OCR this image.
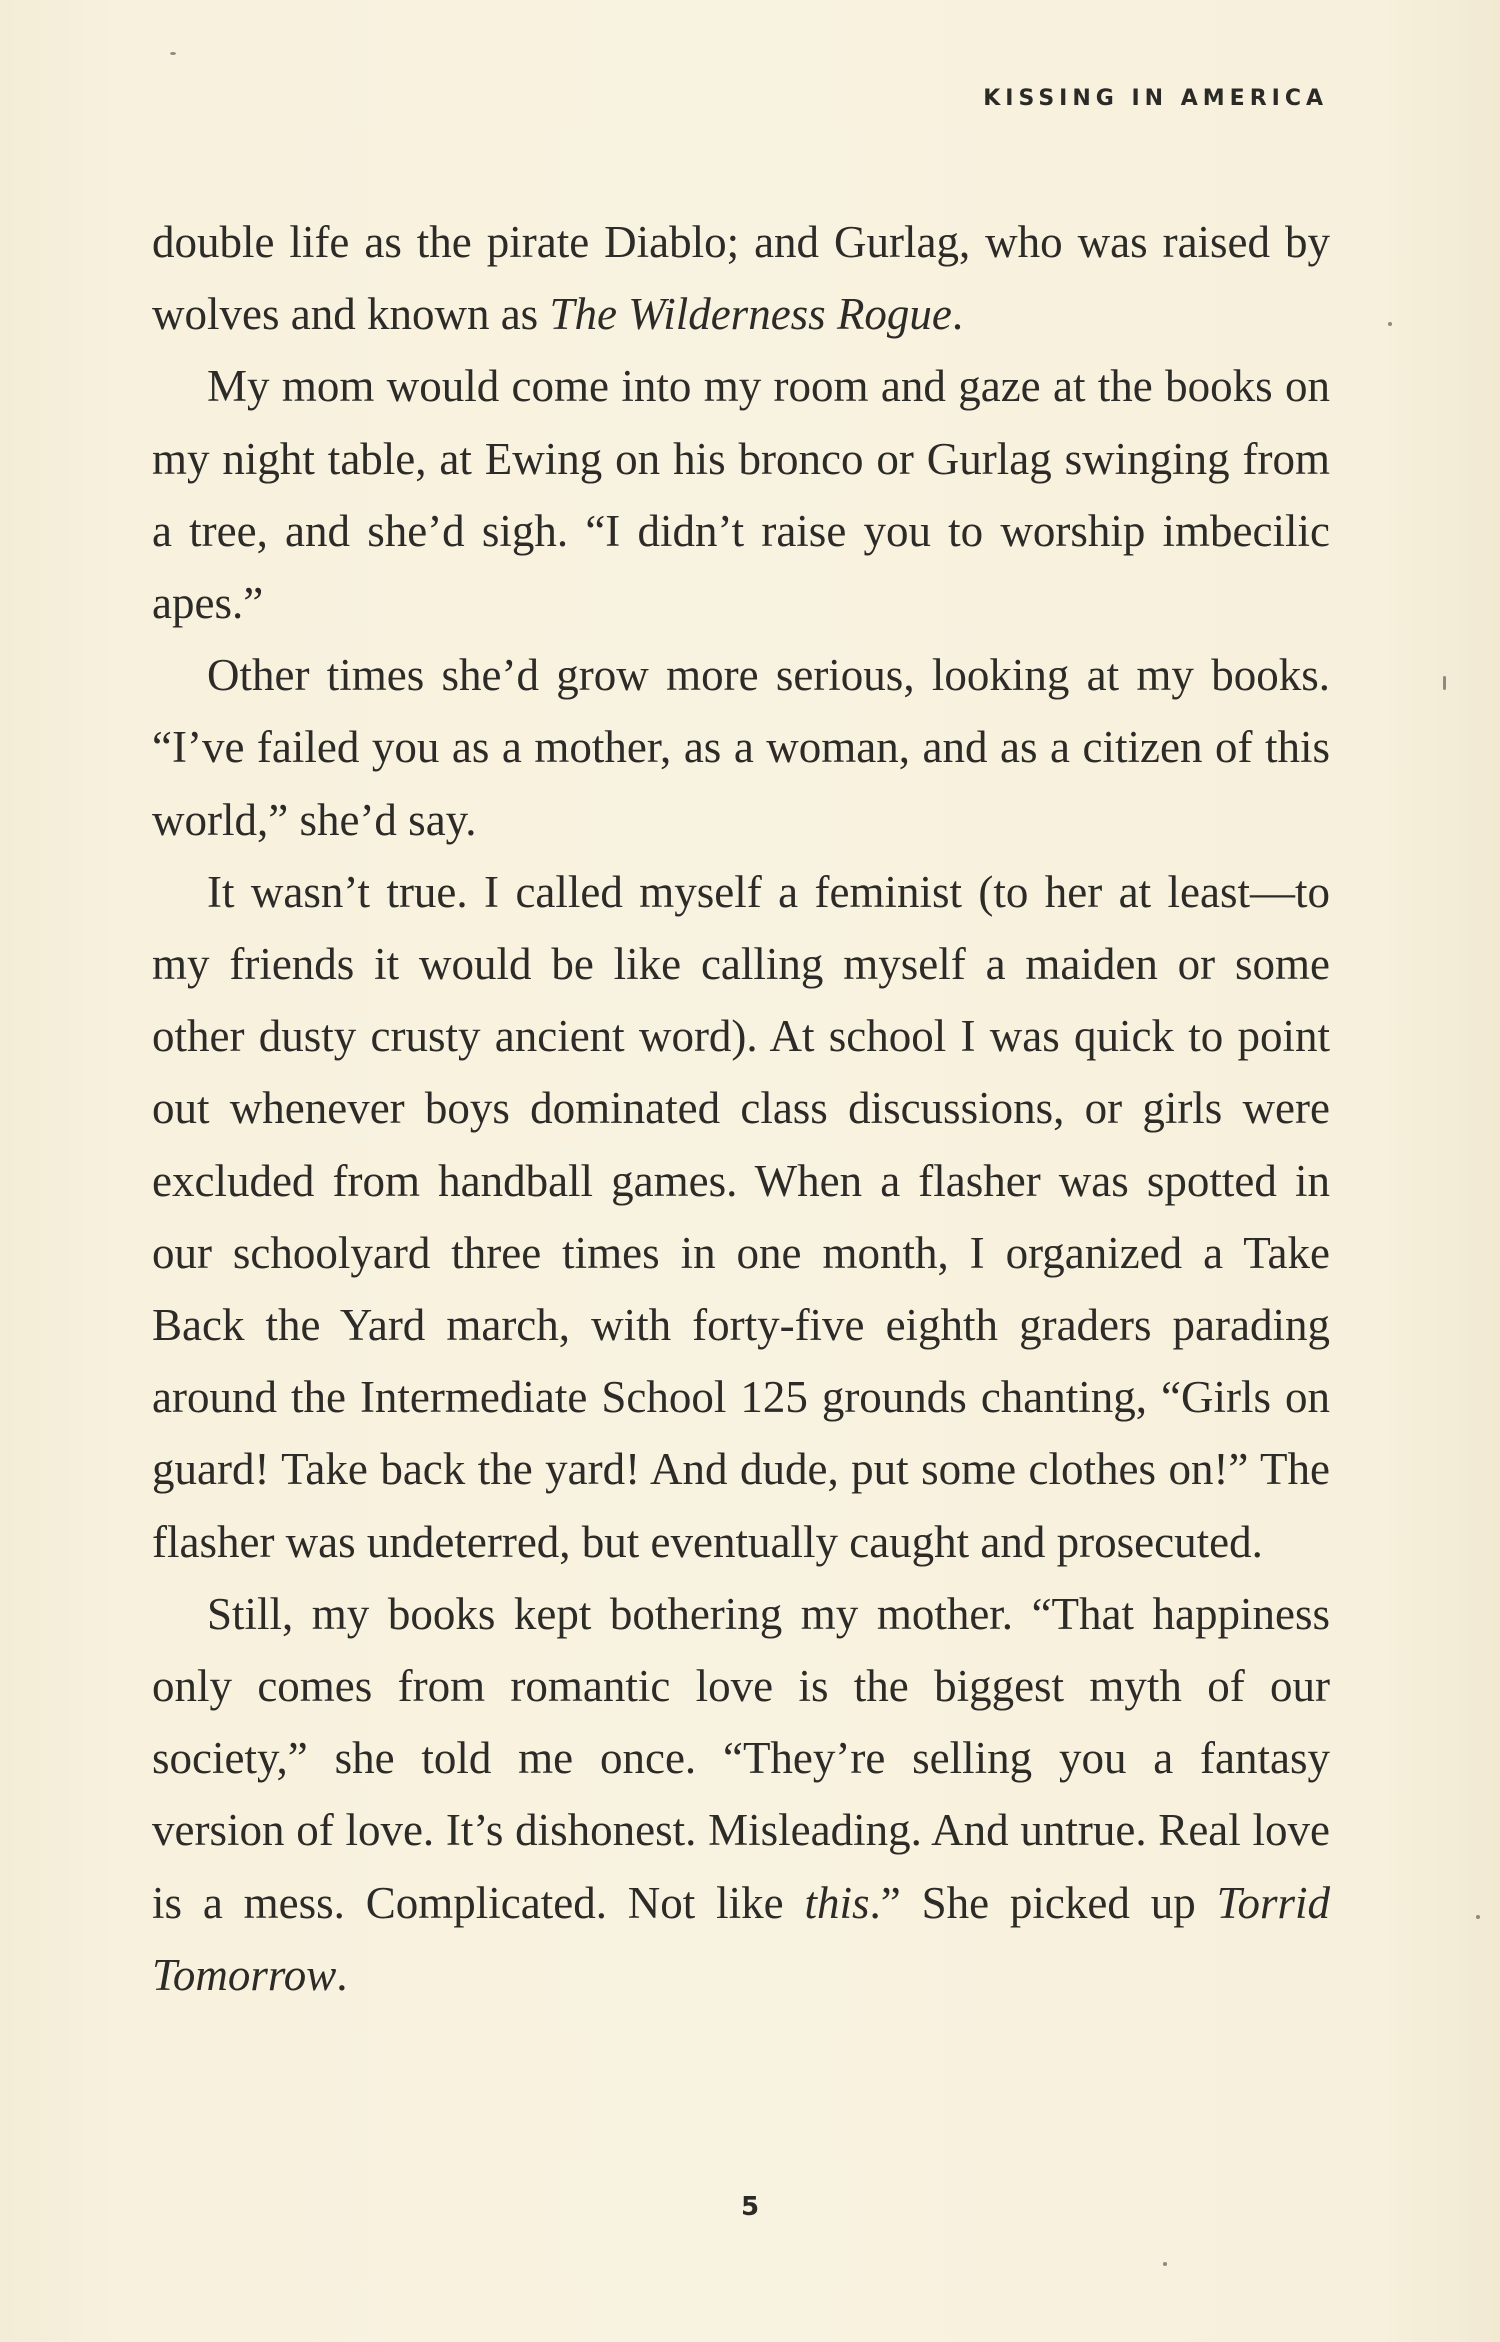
KISSING IN AMERICA

double life as the pirate Diablo; and Gurlag, who was raised by wolves and known as The Wilderness Rogue.

My mom would come into my room and gaze at the books on my night table, at Ewing on his bronco or Gurlag swinging from a tree, and she’d sigh. “I didn’t raise you to worship imbecilic apes.”

Other times she’d grow more serious, looking at my books. “I’ve failed you as a mother, as a woman, and as a citizen of this world,” she’d say.

It wasn’t true. I called myself a feminist (to her at least—to my friends it would be like calling myself a maiden or some other dusty crusty ancient word). At school I was quick to point out whenever boys dominated class discussions, or girls were excluded from handball games. When a flasher was spotted in our schoolyard three times in one month, I organized a Take Back the Yard march, with forty-five eighth graders parading around the Intermediate School 125 grounds chanting, “Girls on guard! Take back the yard! And dude, put some clothes on!” The flasher was undeterred, but eventually caught and prosecuted.

Still, my books kept bothering my mother. “That happiness only comes from romantic love is the biggest myth of our society,” she told me once. “They’re selling you a fantasy version of love. It’s dishonest. Misleading. And untrue. Real love is a mess. Complicated. Not like this.” She picked up Torrid Tomorrow.

5
